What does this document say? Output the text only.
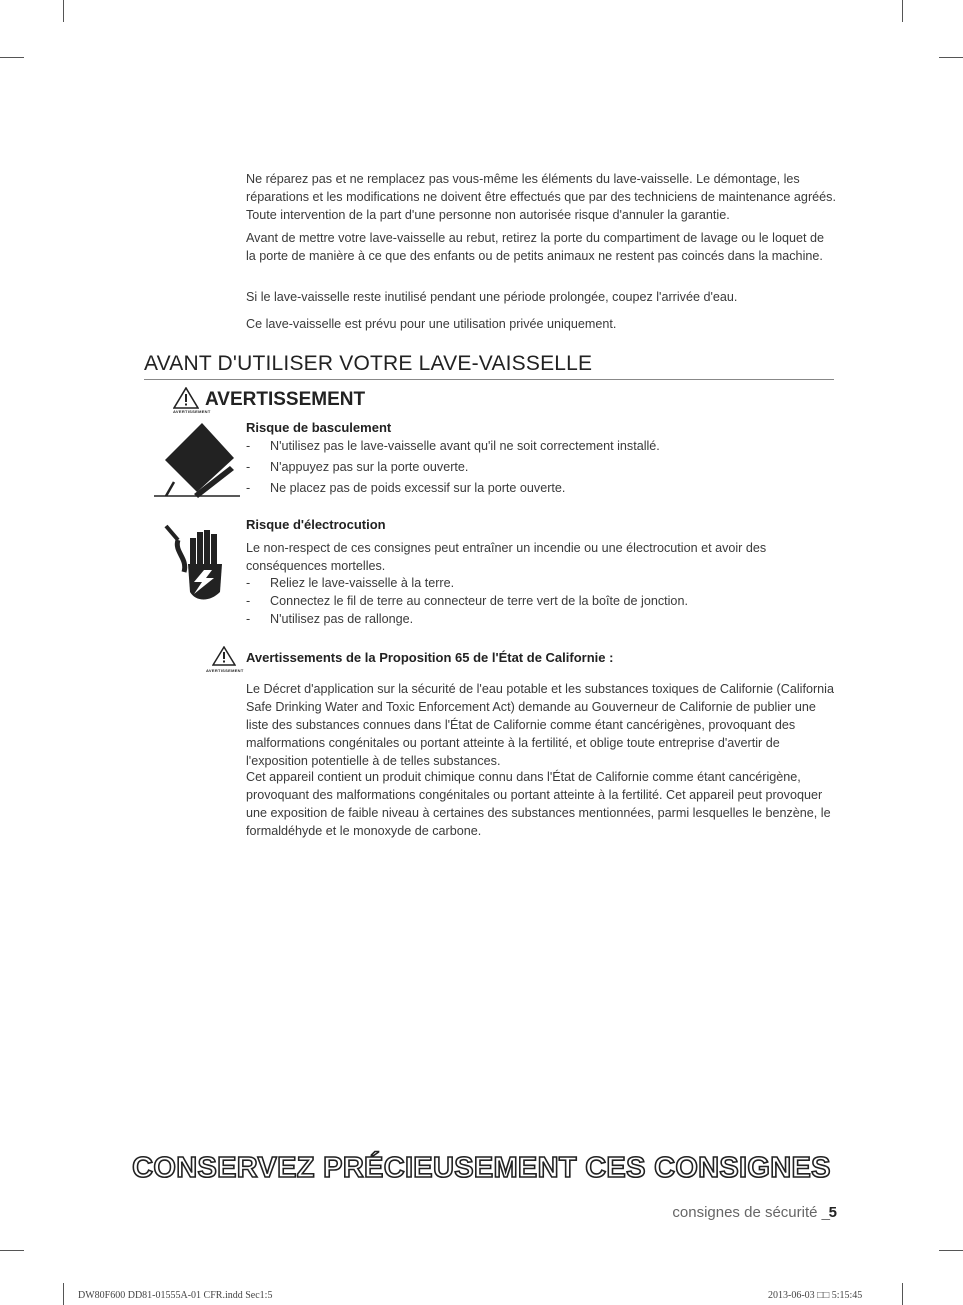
Ne réparez pas et ne remplacez pas vous-même les éléments du lave-vaisselle. Le démontage, les réparations et les modifications ne doivent être effectués que par des techniciens de maintenance agréés. Toute intervention de la part d'une personne non autorisée risque d'annuler la garantie.

Avant de mettre votre lave-vaisselle au rebut, retirez la porte du compartiment de lavage ou le loquet de la porte de manière à ce que des enfants ou de petits animaux ne restent pas coincés dans la machine.

Si le lave-vaisselle reste inutilisé pendant une période prolongée, coupez l'arrivée d'eau.

Ce lave-vaisselle est prévu pour une utilisation privée uniquement.

AVANT D'UTILISER VOTRE LAVE-VAISSELLE
AVERTISSEMENT
AVERTISSEMENT
Risque de basculement
- N'utilisez pas le lave-vaisselle avant qu'il ne soit correctement installé.
- N'appuyez pas sur la porte ouverte.
- Ne placez pas de poids excessif sur la porte ouverte.
Risque d'électrocution

Le non-respect de ces consignes peut entraîner un incendie ou une électrocution et avoir des conséquences mortelles.

- Reliez le lave-vaisselle à la terre.
- Connectez le fil de terre au connecteur de terre vert de la boîte de jonction.
- N'utilisez pas de rallonge.
AVERTISSEMENT
Avertissements de la Proposition 65 de l'État de Californie :

Le Décret d'application sur la sécurité de l'eau potable et les substances toxiques de Californie (California Safe Drinking Water and Toxic Enforcement Act) demande au Gouverneur de Californie de publier une liste des substances connues dans l'État de Californie comme étant cancérigènes, provoquant des malformations congénitales ou portant atteinte à la fertilité, et oblige toute entreprise d'avertir de l'exposition potentielle à de telles substances.

Cet appareil contient un produit chimique connu dans l'État de Californie comme étant cancérigène, provoquant des malformations congénitales ou portant atteinte à la fertilité. Cet appareil peut provoquer une exposition de faible niveau à certaines des substances mentionnées, parmi lesquelles le benzène, le formaldéhyde et le monoxyde de carbone.

CONSERVEZ PRÉCIEUSEMENT CES CONSIGNES
consignes de sécurité _
5
DW80F600 DD81-01555A-01 CFR.indd Sec1:5	2013-06-03 □□ 5:15:45
